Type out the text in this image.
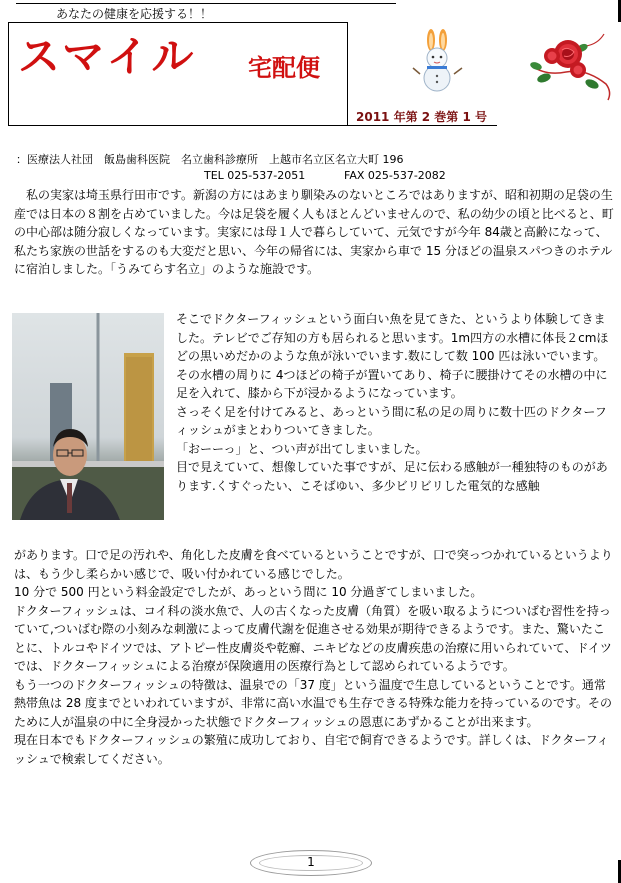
あなたの健康を応援する！！
スマイル 宅配便
2011 年第 2 巻第 1 号
：医療法人社団　飯島歯科医院　名立歯科診療所　上越市名立区名立大町 196
TEL 025-537-2051	FAX 025-537-2082
　私の実家は埼玉県行田市です。新潟の方にはあまり馴染みのないところではありますが、昭和初期の足袋の生産では日本の８割を占めていました。今は足袋を履く人もほとんどいませんので、私の幼少の頃と比べると、町の中心部は随分寂しくなっています。実家には母１人で暮らしていて、元気ですが今年 84歳と高齢になって、私たち家族の世話をするのも大変だと思い、今年の帰省には、実家から車で 15 分ほどの温泉スパつきのホテルに宿泊しました。「うみてらす名立」のような施設です。
そこでドクターフィッシュという面白い魚を見てきた、というより体験してきました。テレビでご存知の方も居られると思います。1m四方の水槽に体長２cmほどの黒いめだかのような魚が泳いでいます.数にして数 100 匹は泳いでいます。その水槽の周りに 4つほどの椅子が置いてあり、椅子に腰掛けてその水槽の中に足を入れて、膝から下が浸かるようになっています。
さっそく足を付けてみると、あっという間に私の足の周りに数十匹のドクターフィッシュがまとわりついてきました。
「おーーっ」と、つい声が出てしまいました。
目で見えていて、想像していた事ですが、足に伝わる感触が一種独特のものがあります.くすぐったい、こそばゆい、多少ビリビリした電気的な感触
があります。口で足の汚れや、角化した皮膚を食べているということですが、口で突っつかれているというよりは、もう少し柔らかい感じで、吸い付かれている感じでした。
10 分で 500 円という料金設定でしたが、あっという間に 10 分過ぎてしまいました。
ドクターフィッシュは、コイ科の淡水魚で、人の古くなった皮膚（角質）を吸い取るようについばむ習性を持っていて,ついばむ際の小刻みな刺激によって皮膚代謝を促進させる効果が期待できるようです。また、驚いたことに、トルコやドイツでは、アトピー性皮膚炎や乾癬、ニキビなどの皮膚疾患の治療に用いられていて、ドイツでは、ドクターフィッシュによる治療が保険適用の医療行為として認められているようです。
もう一つのドクターフィッシュの特徴は、温泉での「37 度」という温度で生息しているということです。通常熱帯魚は 28 度までといわれていますが、非常に高い水温でも生存できる特殊な能力を持っているのです。そのために人が温泉の中に全身浸かった状態でドクターフィッシュの恩恵にあずかることが出来ます。
現在日本でもドクターフィッシュの繁殖に成功しており、自宅で飼育できるようです。詳しくは、ドクターフィッシュで検索してください。
1
